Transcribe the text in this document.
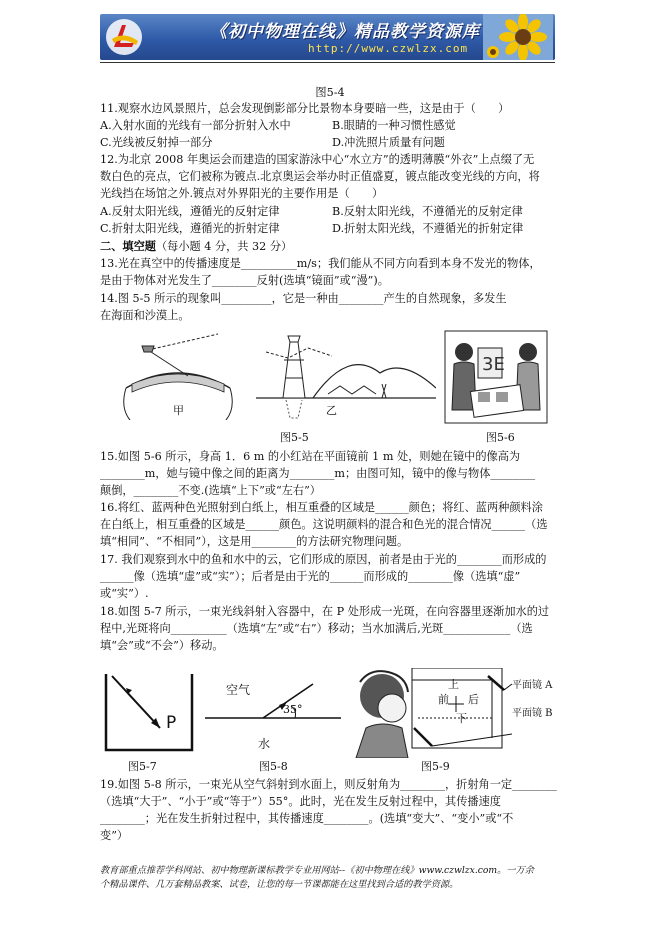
《初中物理在线》精品教学资源库
http://www.czwlzx.com
图5-4
11.观察水边风景照片，总会发现倒影部分比景物本身要暗一些，这是由于（　　）
A.入射水面的光线有一部分折射入水中	B.眼睛的一种习惯性感觉
C.光线被反射掉一部分	D.冲洗照片质量有问题
12.为北京 2008 年奥运会而建造的国家游泳中心“水立方”的透明薄膜“外衣”上点缀了无
数白色的亮点，它们被称为镀点.北京奥运会举办时正值盛夏，镀点能改变光线的方向，将
光线挡在场馆之外.镀点对外界阳光的主要作用是（　　）
A.反射太阳光线，遵循光的反射定律	B.反射太阳光线，不遵循光的反射定律
C.折射太阳光线，遵循光的折射定律	D.折射太阳光线，不遵循光的折射定律
二、填空题（每小题 4 分，共 32 分）
13.光在真空中的传播速度是__________m/s；我们能从不同方向看到本身不发光的物体，
是由于物体对光发生了________反射(选填“镜面”或“漫”)。
14.图 5-5 所示的现象叫_________，它是一种由________产生的自然现象，多发生
在海面和沙漠上。
甲	乙
图5-5
3E
图5-6
15.如图 5-6 所示，身高 1．6 m 的小红站在平面镜前 1 m 处，则她在镜中的像高为
________m，她与镜中像之间的距离为________m；由图可知，镜中的像与物体________
颠倒，________不变.(选填“上下”或“左右”）
16.将红、蓝两种色光照射到白纸上，相互重叠的区域是______颜色；将红、蓝两种颜料涂
在白纸上，相互重叠的区域是______颜色。这说明颜料的混合和色光的混合情况______（选
填“相同”、“不相同”），这是用________的方法研究物理问题。
17. 我们观察到水中的鱼和水中的云，它们形成的原因，前者是由于光的________而形成的
______像（选填“虚”或“实”）；后者是由于光的______而形成的________像（选填“虚”
或“实”）.
18.如图 5-7 所示，一束光线斜射入容器中，在 P 处形成一光斑，在向容器里逐渐加水的过
程中,光斑将向__________（选填“左”或“右”）移动；当水加满后,光斑____________（选
填“会”或“不会”）移动。
P
图5-7
空气
35°
水
图5-8
上
前 后
下
平面镜 A
平面镜 B
图5-9
19.如图 5-8 所示，一束光从空气斜射到水面上，则反射角为________，折射角一定________
（选填“大于”、“小于”或“等于”）55°。此时，光在发生反射过程中，其传播速度
________；光在发生折射过程中，其传播速度________。(选填“变大”、“变小”或“不
变”）
教育部重点推荐学科网站、初中物理新课标教学专业用网站--《初中物理在线》www.czwlzx.com。一万余
个精品课件、几万套精品教案、试卷，让您的每一节课都能在这里找到合适的教学资源。
